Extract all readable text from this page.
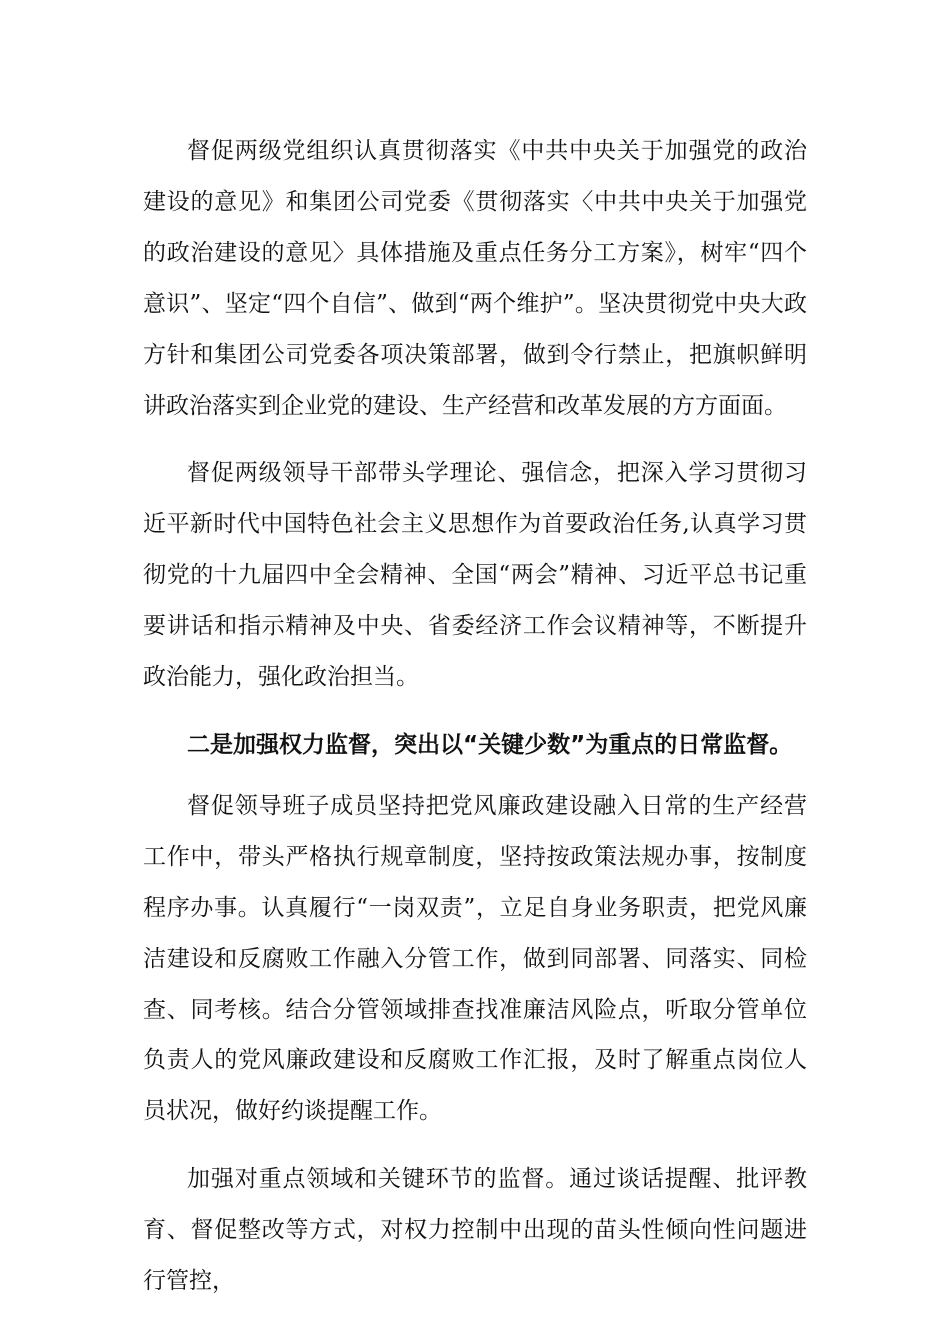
督促两级党组织认真贯彻落实《中共中央关于加强党的政治建设的意见》和集团公司党委《贯彻落实〈中共中央关于加强党的政治建设的意见〉具体措施及重点任务分工方案》，树牢“四个意识”、坚定“四个自信”、做到“两个维护”。坚决贯彻党中央大政方针和集团公司党委各项决策部署，做到令行禁止，把旗帜鲜明讲政治落实到企业党的建设、生产经营和改革发展的方方面面。

督促两级领导干部带头学理论、强信念，把深入学习贯彻习近平新时代中国特色社会主义思想作为首要政治任务,认真学习贯彻党的十九届四中全会精神、全国“两会”精神、习近平总书记重要讲话和指示精神及中央、省委经济工作会议精神等，不断提升政治能力，强化政治担当。

二是加强权力监督，突出以“关键少数”为重点的日常监督。

督促领导班子成员坚持把党风廉政建设融入日常的生产经营工作中，带头严格执行规章制度，坚持按政策法规办事，按制度程序办事。认真履行“一岗双责”，立足自身业务职责，把党风廉洁建设和反腐败工作融入分管工作，做到同部署、同落实、同检查、同考核。结合分管领域排查找准廉洁风险点，听取分管单位负责人的党风廉政建设和反腐败工作汇报，及时了解重点岗位人员状况，做好约谈提醒工作。

加强对重点领域和关键环节的监督。通过谈话提醒、批评教育、督促整改等方式，对权力控制中出现的苗头性倾向性问题进行管控，
